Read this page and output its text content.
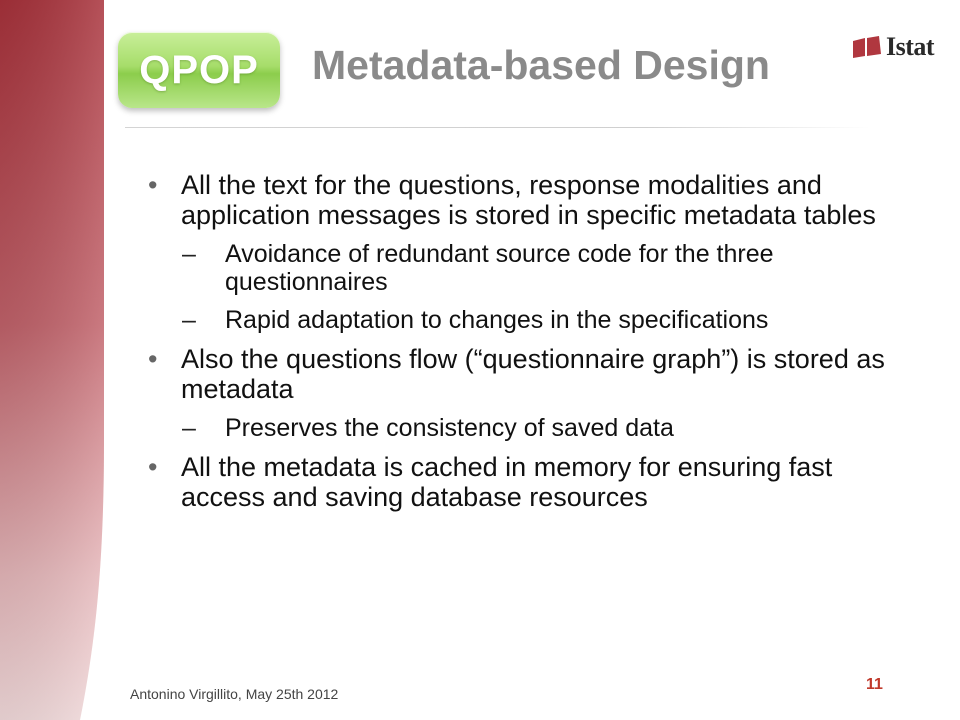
QPOP Metadata-based Design	Istat
• All the text for the questions, response modalities and application messages is stored in specific metadata tables
– Avoidance of redundant source code for the three questionnaires
– Rapid adaptation to changes in the specifications
• Also the questions flow (“questionnaire graph”) is stored as metadata
– Preserves the consistency of saved data
• All the metadata is cached in memory for ensuring fast access and saving database resources
Antonino Virgillito, May 25th 2012
11
